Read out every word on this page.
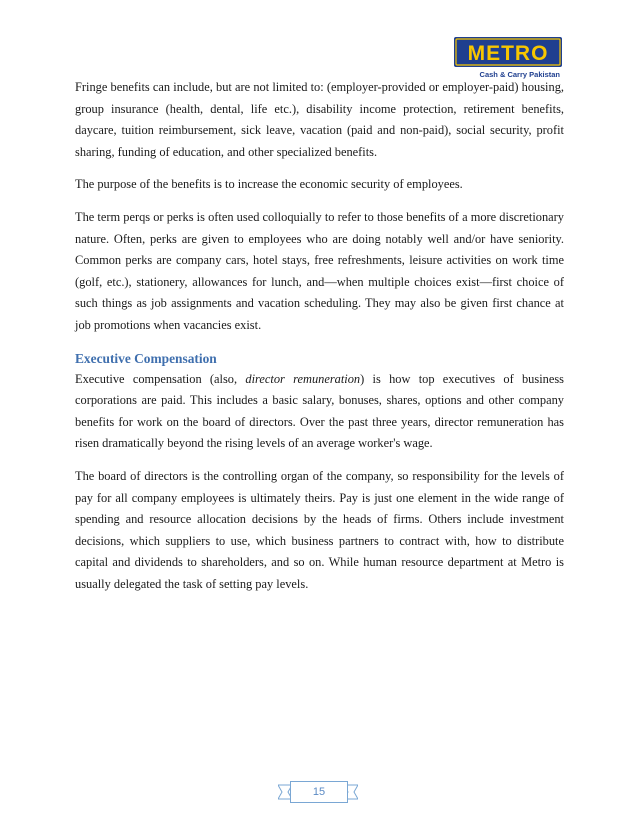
METRO
Cash & Carry Pakistan

Fringe benefits can include, but are not limited to: (employer-provided or employer-paid) housing, group insurance (health, dental, life etc.), disability income protection, retirement benefits, daycare, tuition reimbursement, sick leave, vacation (paid and non-paid), social security, profit sharing, funding of education, and other specialized benefits.

The purpose of the benefits is to increase the economic security of employees.

The term perqs or perks is often used colloquially to refer to those benefits of a more discretionary nature. Often, perks are given to employees who are doing notably well and/or have seniority. Common perks are company cars, hotel stays, free refreshments, leisure activities on work time (golf, etc.), stationery, allowances for lunch, and—when multiple choices exist—first choice of such things as job assignments and vacation scheduling. They may also be given first chance at job promotions when vacancies exist.

Executive Compensation

Executive compensation (also, director remuneration) is how top executives of business corporations are paid. This includes a basic salary, bonuses, shares, options and other company benefits for work on the board of directors. Over the past three years, director remuneration has risen dramatically beyond the rising levels of an average worker's wage.

The board of directors is the controlling organ of the company, so responsibility for the levels of pay for all company employees is ultimately theirs. Pay is just one element in the wide range of spending and resource allocation decisions by the heads of firms. Others include investment decisions, which suppliers to use, which business partners to contract with, how to distribute capital and dividends to shareholders, and so on. While human resource department at Metro is usually delegated the task of setting pay levels.

15
